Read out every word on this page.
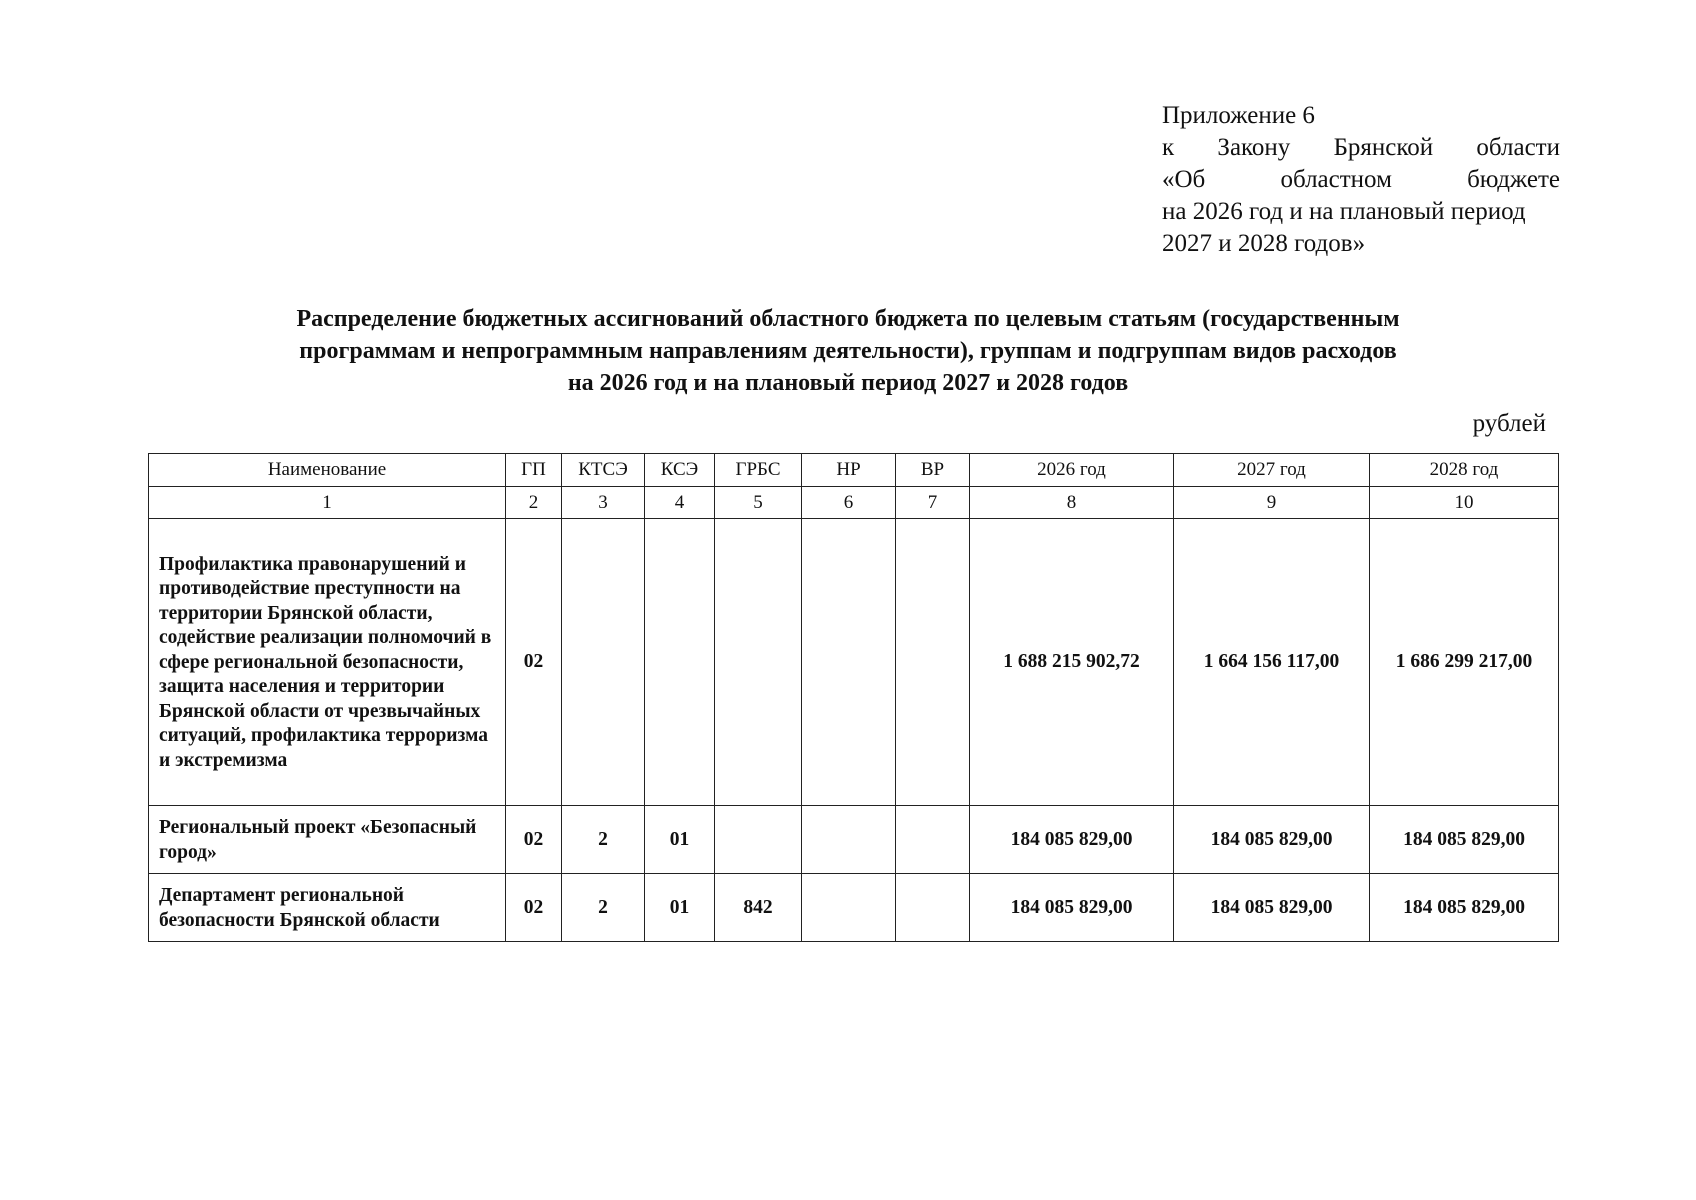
Приложение 6
к Закону Брянской области
«Об областном бюджете
на 2026 год и на плановый период
2027 и 2028 годов»
Распределение бюджетных ассигнований областного бюджета по целевым статьям (государственным
программам и непрограммным направлениям деятельности), группам и подгруппам видов расходов
на 2026 год и на плановый период 2027 и 2028 годов
рублей
Наименование	ГП	КТСЭ	КСЭ	ГРБС	НР	ВР	2026 год	2027 год	2028 год
1	2	3	4	5	6	7	8	9	10
Профилактика правонарушений и противодействие преступности на территории Брянской области, содействие реализации полномочий в сфере региональной безопасности, защита населения и территории Брянской области от чрезвычайных ситуаций, профилактика терроризма и экстремизма	02						1 688 215 902,72	1 664 156 117,00	1 686 299 217,00
Региональный проект «Безопасный город»	02	2	01				184 085 829,00	184 085 829,00	184 085 829,00
Департамент региональной безопасности Брянской области	02	2	01	842			184 085 829,00	184 085 829,00	184 085 829,00
